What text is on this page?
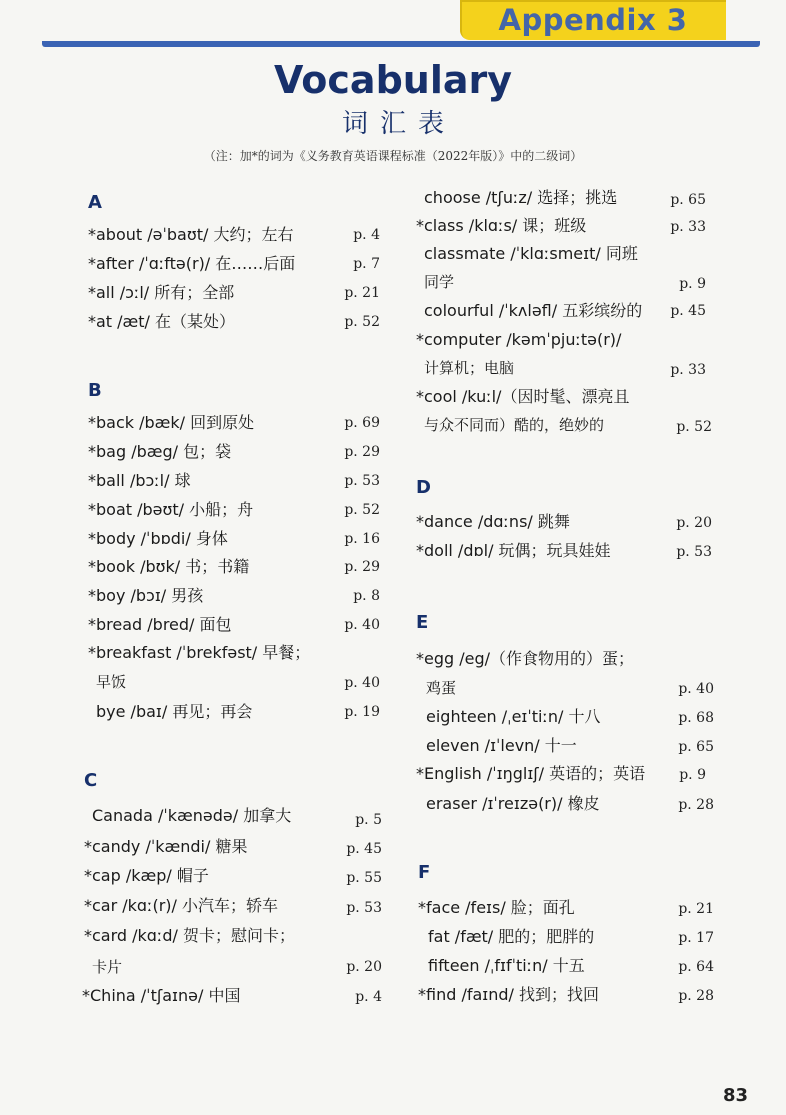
Appendix 3
Vocabulary
词汇表
（注：加*的词为《义务教育英语课程标准（2022年版）》中的二级词）
A
B
C
D
E
F
*about /əˈbaʊt/ 大约；左右	p. 4
*after /ˈɑːftə(r)/ 在……后面	p. 7
*all /ɔːl/ 所有；全部	p. 21
*at /æt/ 在（某处）	p. 52
*back /bæk/ 回到原处	p. 69
*bag /bæg/ 包；袋	p. 29
*ball /bɔːl/ 球	p. 53
*boat /bəʊt/ 小船；舟	p. 52
*body /ˈbɒdi/ 身体	p. 16
*book /bʊk/ 书；书籍	p. 29
*boy /bɔɪ/ 男孩	p. 8
*bread /bred/ 面包	p. 40
*breakfast /ˈbrekfəst/ 早餐；
早饭	p. 40
bye /baɪ/ 再见；再会	p. 19
Canada /ˈkænədə/ 加拿大	p. 5
*candy /ˈkændi/ 糖果	p. 45
*cap /kæp/ 帽子	p. 55
*car /kɑː(r)/ 小汽车；轿车	p. 53
*card /kɑːd/ 贺卡；慰问卡；
卡片	p. 20
*China /ˈtʃaɪnə/ 中国	p. 4
choose /tʃuːz/ 选择；挑选	p. 65
*class /klɑːs/ 课；班级	p. 33
classmate /ˈklɑːsmeɪt/ 同班
同学	p. 9
colourful /ˈkʌləfl/ 五彩缤纷的	p. 45
*computer /kəmˈpjuːtə(r)/
计算机；电脑	p. 33
*cool /kuːl/（因时髦、漂亮且
与众不同而）酷的，绝妙的	p. 52
*dance /dɑːns/ 跳舞	p. 20
*doll /dɒl/ 玩偶；玩具娃娃	p. 53
*egg /eg/（作食物用的）蛋；
鸡蛋	p. 40
eighteen /ˌeɪˈtiːn/ 十八	p. 68
eleven /ɪˈlevn/ 十一	p. 65
*English /ˈɪŋglɪʃ/ 英语的；英语	p. 9
eraser /ɪˈreɪzə(r)/ 橡皮	p. 28
*face /feɪs/ 脸；面孔	p. 21
fat /fæt/ 肥的；肥胖的	p. 17
fifteen /ˌfɪfˈtiːn/ 十五	p. 64
*find /faɪnd/ 找到；找回	p. 28
83
